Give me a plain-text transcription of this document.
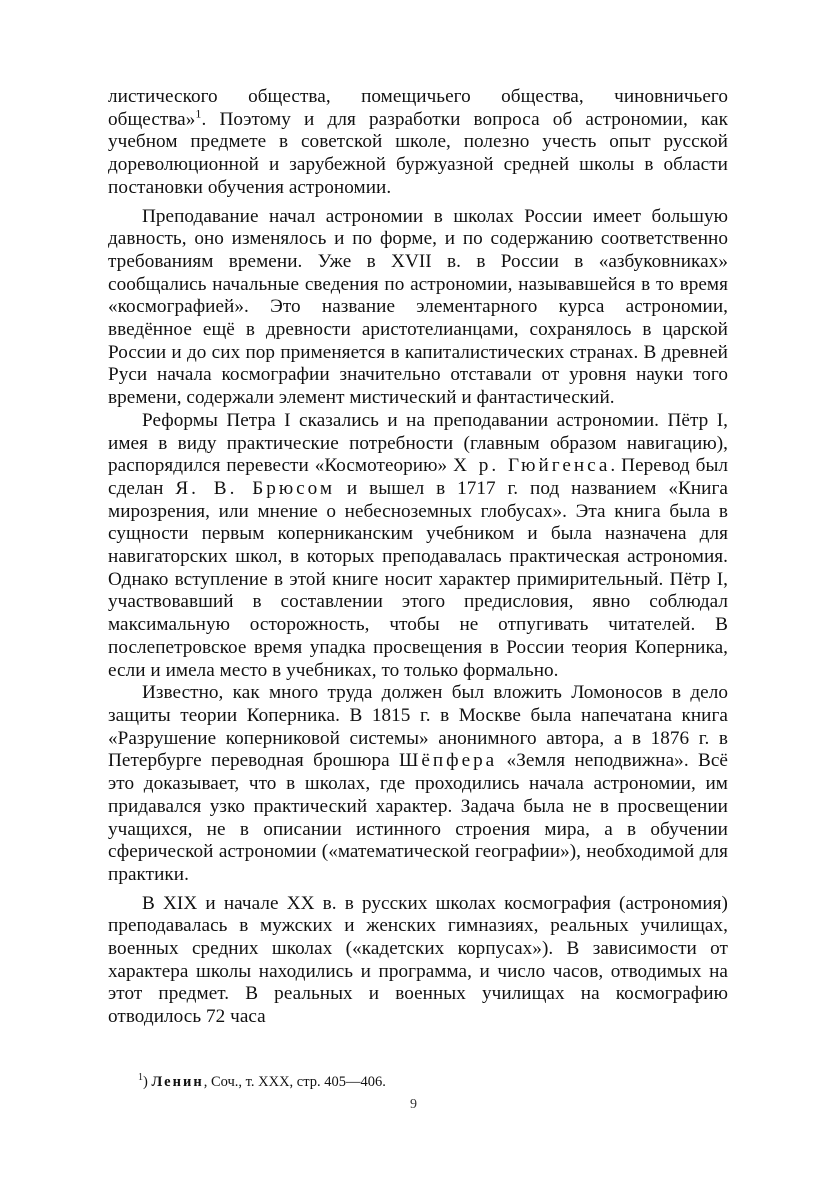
листического общества, помещичьего общества, чиновничьего общества»$^1$. Поэтому и для разработки вопроса об астрономии, как учебном предмете в советской школе, полезно учесть опыт русской дореволюционной и зарубежной буржуазной средней школы в области постановки обучения астрономии.

Преподавание начал астрономии в школах России имеет большую давность, оно изменялось и по форме, и по содержанию соответственно требованиям времени. Уже в XVII в. в России в «азбуковниках» сообщались начальные сведения по астрономии, называвшейся в то время «космографией». Это название элементарного курса астрономии, введённое ещё в древности аристотелианцами, сохранялось в царской России и до сих пор применяется в капиталистических странах. В древней Руси начала космографии значительно отставали от уровня науки того времени, содержали элемент мистический и фантастический.

Реформы Петра I сказались и на преподавании астрономии. Пётр I, имея в виду практические потребности (главным образом навигацию), распорядился перевести «Космотеорию» Х р. Гюйгенса. Перевод был сделан Я. В. Брюсом и вышел в 1717 г. под названием «Книга мирозрения, или мнение о небесноземных глобусах». Эта книга была в сущности первым коперниканским учебником и была назначена для навигаторских школ, в которых преподавалась практическая астрономия. Однако вступление в этой книге носит характер примирительный. Пётр I, участвовавший в составлении этого предисловия, явно соблюдал максимальную осторожность, чтобы не отпугивать читателей. В послепетровское время упадка просвещения в России теория Коперника, если и имела место в учебниках, то только формально.

Известно, как много труда должен был вложить Ломоносов в дело защиты теории Коперника. В 1815 г. в Москве была напечатана книга «Разрушение коперниковой системы» анонимного автора, а в 1876 г. в Петербурге переводная брошюра Шёпфера «Земля неподвижна». Всё это доказывает, что в школах, где проходились начала астрономии, им придавался узко практический характер. Задача была не в просвещении учащихся, не в описании истинного строения мира, а в обучении сферической астрономии («математической географии»), необходимой для практики.

В XIX и начале XX в. в русских школах космография (астрономия) преподавалась в мужских и женских гимназиях, реальных училищах, военных средних школах («кадетских корпусах»). В зависимости от характера школы находились и программа, и число часов, отводимых на этот предмет. В реальных и военных училищах на космографию отводилось 72 часа

$^1$) Ленин, Соч., т. XXX, стр. 405—406.
9
